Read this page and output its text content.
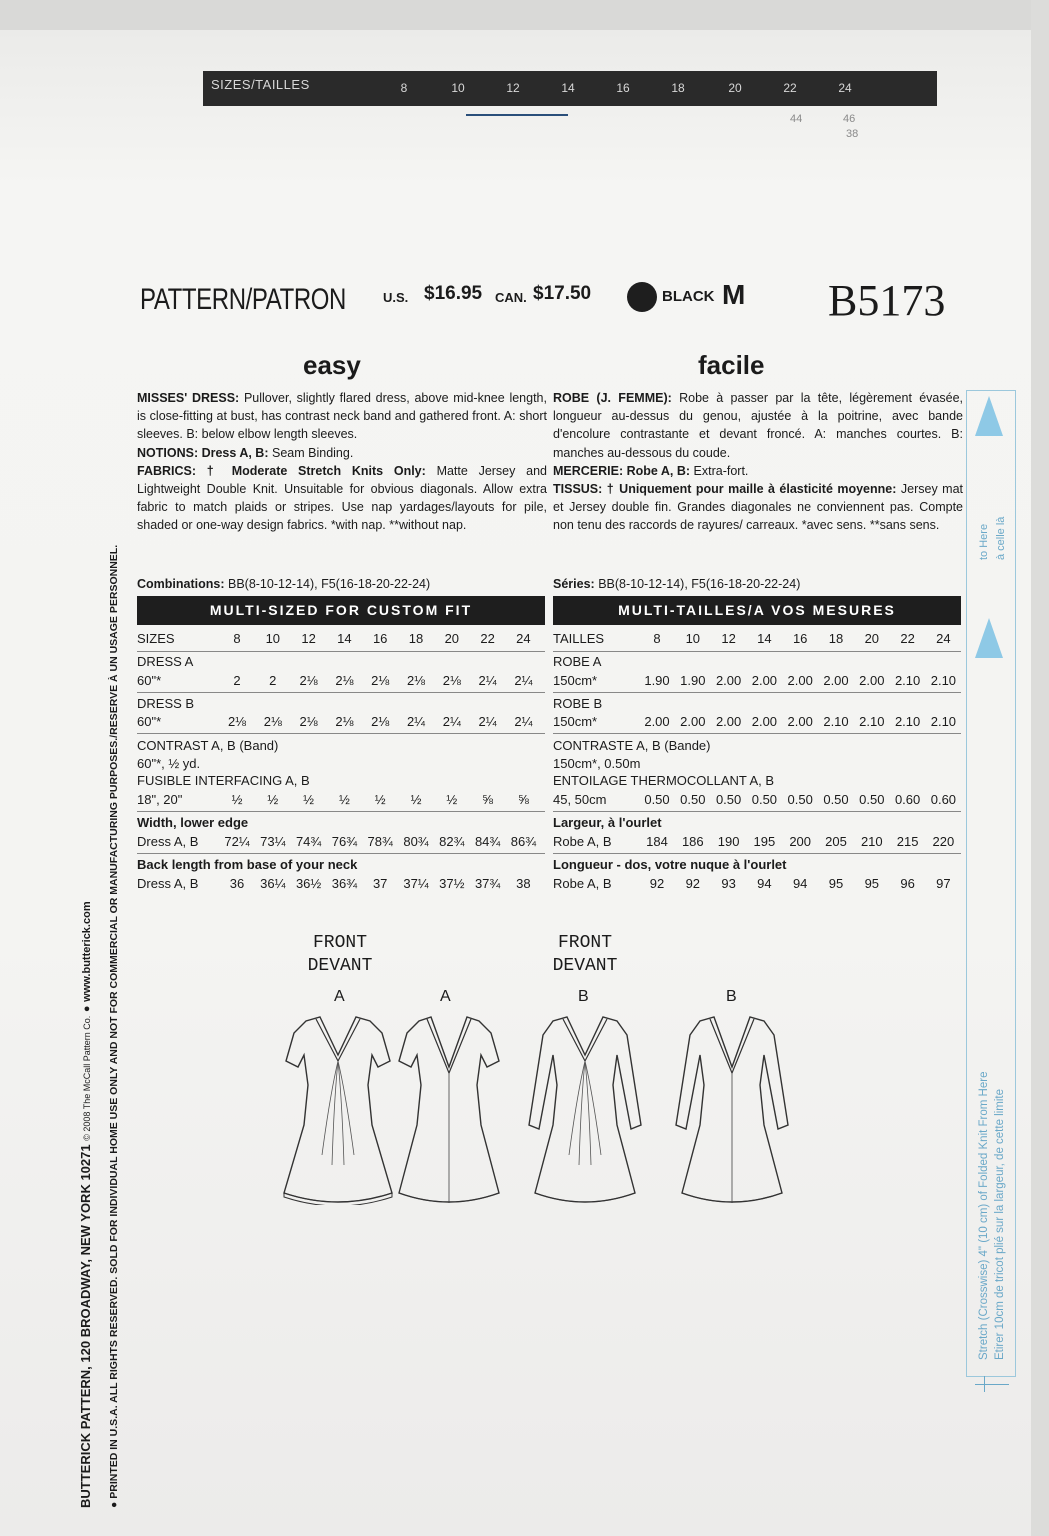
SIZES/TAILLES	8	10	12	14	16	18	20	22	24
44	46
38
PATTERN/PATRON	U.S. $16.95 CAN. $17.50	BLACK M B5173
easy	facile
MISSES' DRESS: Pullover, slightly flared dress, above mid-knee length, is close-fitting at bust, has contrast neck band and gathered front. A: short sleeves. B: below elbow length sleeves.
NOTIONS: Dress A, B: Seam Binding.
FABRICS: † Moderate Stretch Knits Only: Matte Jersey and Lightweight Double Knit. Unsuitable for obvious diagonals. Allow extra fabric to match plaids or stripes. Use nap yardages/layouts for pile, shaded or one-way design fabrics. *with nap. **without nap.
ROBE (J. FEMME): Robe à passer par la tête, légèrement évasée, longueur au-dessus du genou, ajustée à la poitrine, avec bande d'encolure contrastante et devant froncé. A: manches courtes. B: manches au-dessous du coude.
MERCERIE: Robe A, B: Extra-fort.
TISSUS: † Uniquement pour maille à élasticité moyenne: Jersey mat et Jersey double fin. Grandes diagonales ne conviennent pas. Compte non tenu des raccords de rayures/ carreaux. *avec sens. **sans sens.
Combinations: BB(8-10-12-14), F5(16-18-20-22-24)	Séries: BB(8-10-12-14), F5(16-18-20-22-24)
MULTI-SIZED FOR CUSTOM FIT	MULTI-TAILLES/A VOS MESURES
SIZES	8	10	12	14	16	18	20	22	24
DRESS A
60"*	2	2	2⅛	2⅛	2⅛	2⅛	2⅛	2¼	2¼
DRESS B
60"*	2⅛	2⅛	2⅛	2⅛	2⅛	2¼	2¼	2¼	2¼
CONTRAST A, B (Band)
60"*, ½ yd.
FUSIBLE INTERFACING A, B
18", 20"	½	½	½	½	½	½	½	⅝	⅝
Width, lower edge
Dress A, B	72¼ 73¼ 74¾ 76¾ 78¾ 80¾ 82¾ 84¾ 86¾
Back length from base of your neck
Dress A, B	36	36¼ 36½ 36¾	37	37¼ 37½ 37¾	38
TAILLES	8	10	12	14	16	18	20	22	24
ROBE A
150cm*	1.90 1.90 2.00 2.00 2.00 2.00 2.00 2.10 2.10
ROBE B
150cm*	2.00 2.00 2.00 2.00 2.00 2.10 2.10 2.10 2.10
CONTRASTE A, B (Bande)
150cm*, 0.50m
ENTOILAGE THERMOCOLLANT A, B
45, 50cm	0.50 0.50 0.50 0.50 0.50 0.50 0.50 0.60 0.60
Largeur, à l'ourlet
Robe A, B	184	186	190	195	200	205	210	215	220
Longueur - dos, votre nuque à l'ourlet
Robe A, B	92	92	93	94	94	95	95	96	97
FRONT
DEVANT
FRONT
DEVANT
A	A	B	B
BUTTERICK PATTERN, 120 BROADWAY, NEW YORK 10271 © 2008 The McCall Pattern Co. ● www.butterick.com
● PRINTED IN U.S.A. ALL RIGHTS RESERVED. SOLD FOR INDIVIDUAL HOME USE ONLY AND NOT FOR COMMERCIAL OR MANUFACTURING PURPOSES./RESERVE À UN USAGE PERSONNEL.
to Here à celle là
Stretch (Crosswise) 4" (10 cm) of Folded Knit From Here Etirer 10cm de tricot plié sur la largeur, de cette limite
